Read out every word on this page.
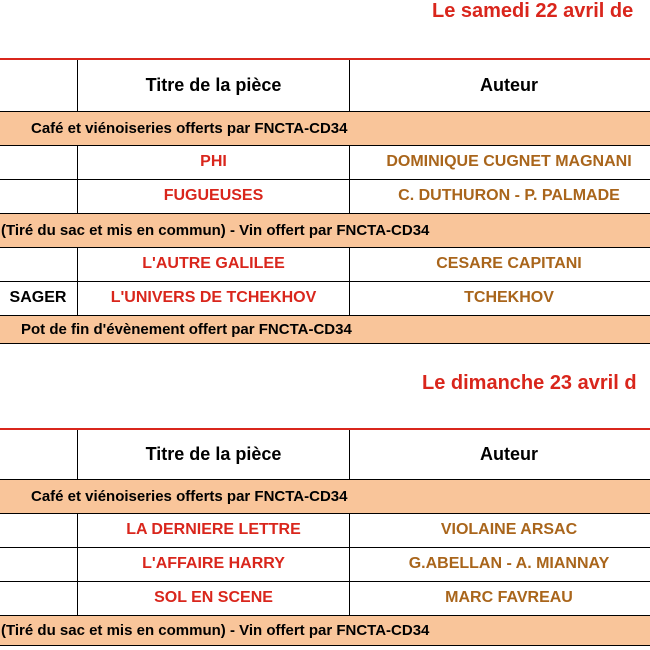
Le samedi 22 avril de
	Titre de la pièce	Auteur
Café et viénoiseries offerts par FNCTA-CD34		
	PHI	DOMINIQUE CUGNET MAGNANI
	FUGUEUSES	C. DUTHURON - P. PALMADE
(Tiré du sac et mis en commun) - Vin offert par FNCTA-CD34		
	L'AUTRE GALILEE	CESARE CAPITANI
SAGER	L'UNIVERS DE TCHEKHOV	TCHEKHOV
Pot de fin d'évènement offert par FNCTA-CD34		
Le dimanche 23 avril d
	Titre de la pièce	Auteur
Café et viénoiseries offerts par FNCTA-CD34		
	LA DERNIERE LETTRE	VIOLAINE ARSAC
	L'AFFAIRE HARRY	G.ABELLAN - A. MIANNAY
	SOL EN SCENE	MARC FAVREAU
(Tiré du sac et mis en commun) - Vin offert par FNCTA-CD34		
